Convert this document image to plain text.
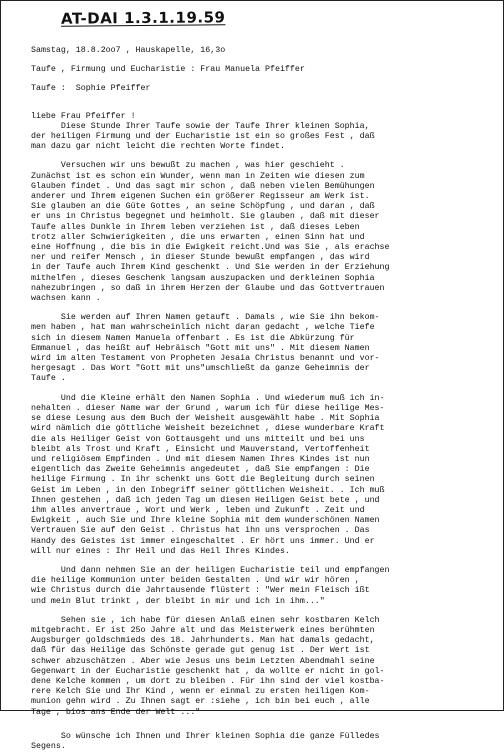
AT-DAI 1.3.1.19.59
Samstag, 18.8.2oo7 , Hauskapelle, 16,3o
Taufe , Firmung und Eucharistie : Frau Manuela Pfeiffer
Taufe :  Sophie Pfeiffer
liebe Frau Pfeiffer !
Diese Stunde Ihrer Taufe sowie der Taufe Ihrer kleinen Sophia,
der heiligen Firmung und der Eucharistie ist ein so großes Fest , daß
man dazu gar nicht leicht die rechten Worte findet.
Versuchen wir uns bewußt zu machen , was hier geschieht .
Zunächst ist es schon ein Wunder, wenn man in Zeiten wie diesen zum
Glauben findet . Und das sagt mir schon , daß neben vielen Bemühungen
anderer und Ihrem eigenen Suchen ein größerer Regisseur am Werk ist.
Sie glauben an die Güte Gottes , an seine Schöpfung , und daran , daß
er uns in Christus begegnet und heimholt. Sie glauben , daß mit dieser
Taufe alles Dunkle in Ihrem leben verziehen ist , daß dieses Leben
trotz aller Schwierigkeiten , die uns erwarten , einen Sinn hat und
eine Hoffnung , die bis in die Ewigkeit reicht.Und was Sie , als erachse
ner und reifer Mensch , in dieser Stunde bewußt empfangen , das wird
in der Taufe auch Ihrem Kind geschenkt . Und Sie werden in der Erziehung
mithelfen , dieses Geschenk langsam auszupacken und derkleinen Sophia
nahezubringen , so daß in ihrem Herzen der Glaube und das Gottvertrauen
wachsen kann .
Sie werden auf Ihren Namen getauft . Damals , wie Sie ihn bekom-
men haben , hat man wahrscheinlich nicht daran gedacht , welche Tiefe
sich in diesem Namen Manuela offenbart . Es ist die Abkürzung für
Emmanuel , das heißt auf Hebräisch "Gott mit uns" . Mit diesem Namen
wird im alten Testament von Propheten Jesaia Christus benannt und vor-
hergesagt . Das Wort "Gott mit uns"umschließt da ganze Geheimnis der
Taufe .
Und die Kleine erhält den Namen Sophia . Und wiederum muß ich in-
nehalten . dieser Name war der Grund , warum ich für diese heilige Mes-
se diese Lesung aus dem Buch der Weisheit ausgewählt habe . Mit Sophia
wird nämlich die göttliche Weisheit bezeichnet , diese wunderbare Kraft
die als Heiliger Geist von Gottausgeht und uns mitteilt und bei uns
bleibt als Trost und Kraft , Einsicht und Mauverstand, Vertoffenheit
und religiösem Empfinden . Und mit diesem Namen Ihres Kindes ist nun
eigentlich das Zweite Geheimnis angedeutet , daß Sie empfangen : Die
heilige Firmung . In ihr schenkt uns Gott die Begleitung durch seinen
Geist im Leben , in den Inbegriff seiner göttlichen Weisheit. . Ich muß
Ihnen gestehen , daß ich jeden Tag um diesen Heiligen Geist bete , und
ihm alles anvertraue , Wort und Werk , leben und Zukunft . Zeit und
Ewigkeit , auch Sie und Ihre kleine Sophia mit dem wunderschönen Namen
Vertrauen Sie auf den Geist . Christus hat ihn uns versprochen . Das
Handy des Geistes ist immer eingeschaltet . Er hört uns immer. Und er
will nur eines : Ihr Heil und das Heil Ihres Kindes.
Und dann nehmen Sie an der heiligen Eucharistie teil und empfangen
die heilige Kommunion unter beiden Gestalten . Und wir wir hören ,
wie Christus durch die Jahrtausende flüstert : "Wer mein Fleisch ißt
und mein Blut trinkt , der bleibt in mir und ich in ihm..."
Sehen sie , ich habe für diesen Anlaß einen sehr kostbaren Kelch
mitgebracht. Er ist 25o Jahre alt und das Meisterwerk eines berühmten
Augsburger goldschmieds des 18. Jahrhunderts. Man hat damals gedacht,
daß für das Heilige das Schönste gerade gut genug ist . Der Wert ist
schwer abzuschätzen . Aber wie Jesus uns beim Letzten Abendmahl seine
Gegenwart in der Eucharistie geschenkt hat , da wollte er nicht in gol-
dene Kelche kommen , um dort zu bleiben . Für ihn sind der viel kostba-
rere Kelch Sie und Ihr Kind , wenn er einmal zu ersten heiligen Kom-
munion gehn wird . Zu Ihnen sagt er :siehe , ich bin bei euch , alle
Tage , bios ans Ende der Welt ..."
So wünsche ich Ihnen und Ihrer kleinen Sophia die ganze Fülledes
Segens.
